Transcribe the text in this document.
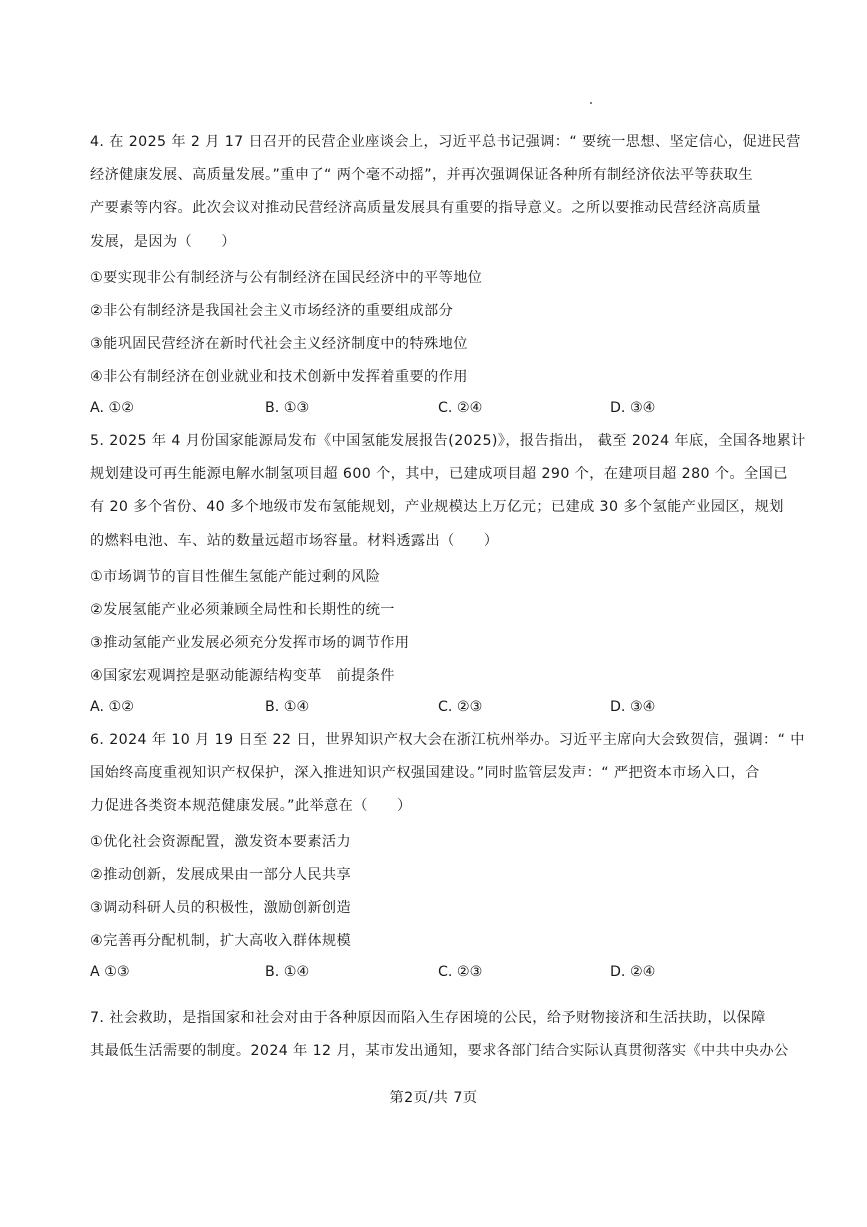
4. 在 2025 年 2 月 17 日召开的民营企业座谈会上，习近平总书记强调：“ 要统一思想、坚定信心，促进民营
经济健康发展、高质量发展。”重申了“ 两个毫不动摇”，并再次强调保证各种所有制经济依法平等获取生
产要素等内容。此次会议对推动民营经济高质量发展具有重要的指导意义。之所以要推动民营经济高质量
发展，是因为（　　）
①要实现非公有制经济与公有制经济在国民经济中的平等地位
②非公有制经济是我国社会主义市场经济的重要组成部分
③能巩固民营经济在新时代社会主义经济制度中的特殊地位
④非公有制经济在创业就业和技术创新中发挥着重要的作用
A. ①②	B. ①③	C. ②④	D. ③④
5. 2025 年 4 月份国家能源局发布《中国氢能发展报告(2025)》，报告指出， 截至 2024 年底，全国各地累计
规划建设可再生能源电解水制氢项目超 600 个，其中，已建成项目超 290 个，在建项目超 280 个。全国已
有 20 多个省份、40 多个地级市发布氢能规划，产业规模达上万亿元；已建成 30 多个氢能产业园区，规划
的燃料电池、车、站的数量远超市场容量。材料透露出（　　）
①市场调节的盲目性催生氢能产能过剩的风险
②发展氢能产业必须兼顾全局性和长期性的统一
③推动氢能产业发展必须充分发挥市场的调节作用
④国家宏观调控是驱动能源结构变革　前提条件
A. ①②	B. ①④	C. ②③	D. ③④
6. 2024 年 10 月 19 日至 22 日，世界知识产权大会在浙江杭州举办。习近平主席向大会致贺信，强调：“ 中
国始终高度重视知识产权保护，深入推进知识产权强国建设。”同时监管层发声：“ 严把资本市场入口，合
力促进各类资本规范健康发展。”此举意在（　　）
①优化社会资源配置，激发资本要素活力
②推动创新，发展成果由一部分人民共享
③调动科研人员的积极性，激励创新创造
④完善再分配机制，扩大高收入群体规模
A ①③	B. ①④	C. ②③	D. ②④
7. 社会救助，是指国家和社会对由于各种原因而陷入生存困境的公民，给予财物接济和生活扶助，以保障
其最低生活需要的制度。2024 年 12 月，某市发出通知，要求各部门结合实际认真贯彻落实《中共中央办公
第2页/共 7页
